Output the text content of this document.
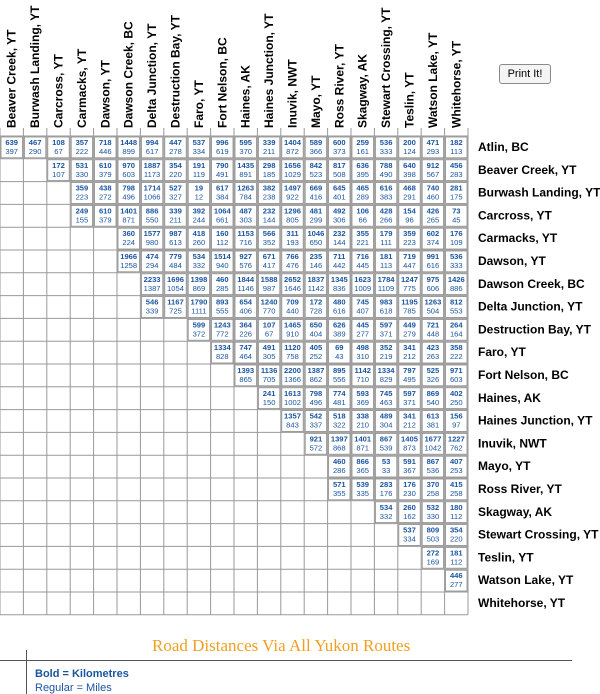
Beaver Creek, YT Burwash Landing, YT Carcross, YT Carmacks, YT Dawson, YT Dawson Creek, BC Delta Junction, YT Destruction Bay, YT Faro, YT Fort Nelson, BC Haines, AK Haines Junction, YT Inuvik, NWT Mayo, YT Ross River, YT Skagway, AK Stewart Crossing, YT Teslin, YT Watson Lake, YT Whitehorse, YT
Atlin, BC
639
397
467
290
108
67
357
222
718
446
1448
899
994
617
447
278
537
334
996
619
595
370
339
211
1404
872
589
366
600
373
259
161
536
333
200
124
471
293
182
113
Beaver Creek, YT
172
107
531
330
610
379
970
603
1887
1173
354
220
191
119
790
491
1435
891
298
185
1656
1029
842
523
817
508
636
395
788
490
640
398
912
567
456
283
Burwash Landing, YT
359
223
438
272
798
496
1714
1066
527
327
19
12
617
384
1263
784
382
238
1497
922
669
416
645
401
465
289
616
383
468
291
740
460
281
175
Carcross, YT
249
155
610
379
1401
871
886
550
339
211
392
244
1064
661
487
303
232
144
1296
805
481
299
492
306
106
66
428
266
154
96
426
265
73
45
Carmacks, YT
360
224
1577
980
987
613
418
260
160
112
1153
716
566
352
311
193
1046
650
232
144
355
221
179
111
359
223
602
374
176
109
Dawson, YT
1966
1258
474
294
779
484
534
332
1514
940
927
576
671
417
766
476
235
146
711
442
716
445
181
113
719
447
991
616
536
333
Dawson Creek, BC
2233
1387
1696
1054
1398
869
460
285
1844
1146
1588
987
2652
1646
1837
1142
1345
836
1623
1009
1784
1109
1247
775
975
606
1426
886
Delta Junction, YT
546
339
1167
725
1790
1111
893
555
654
406
1240
770
709
440
172
728
480
616
745
407
983
618
1195
785
1263
504
812
553
Destruction Bay, YT
599
372
1243
772
364
226
107
67
1465
910
650
404
626
389
445
277
597
371
449
279
721
448
264
164
Faro, YT
1334
828
747
464
491
305
1120
758
405
252
69
43
498
310
352
219
341
212
423
263
358
222
Fort Nelson, BC
1393
865
1136
705
2200
1366
1387
862
895
556
1142
710
1334
829
797
495
525
326
971
603
Haines, AK
241
150
1613
1002
798
496
774
481
593
369
745
463
597
371
869
540
402
250
Haines Junction, YT
1357
843
542
337
518
322
338
210
489
304
341
212
613
381
156
97
Inuvik, NWT
921
572
1397
868
1401
871
867
539
1405
873
1677
1042
1227
762
Mayo, YT
460
286
866
365
53
33
591
367
867
536
407
253
Ross River, YT
571
355
539
335
283
176
176
230
370
258
415
258
Skagway, AK
534
332
260
162
532
330
180
112
Stewart Crossing, YT
537
334
809
503
354
220
Teslin, YT
272
169
181
112
Watson Lake, YT
446
277
Whitehorse, YT
Print It!
Road Distances Via All Yukon Routes
Bold = Kilometres
Regular = Miles
